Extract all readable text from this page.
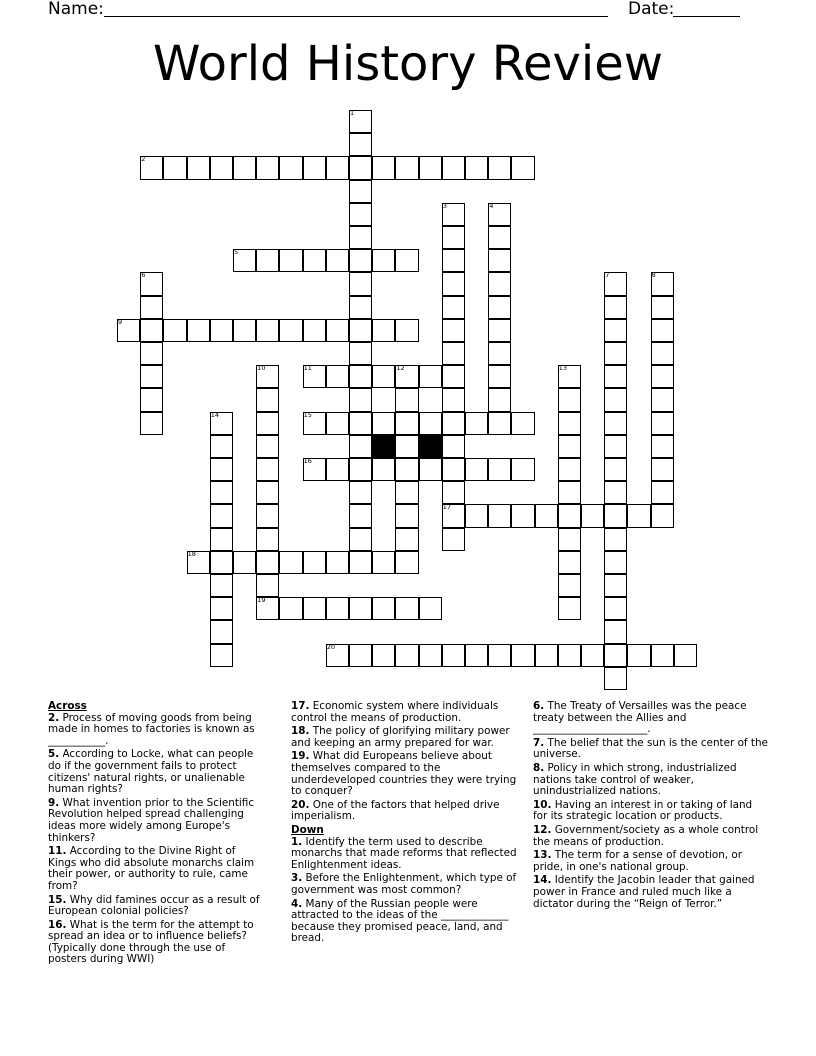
Name:	Date:
World History Review
1
2
3	4
5
6	7	8
9
10	11	12	13
14	15
16
17
18
19
20

Across

2. Process of moving goods from being made in homes to factories is known as ___________.

5. According to Locke, what can people do if the government fails to protect citizens' natural rights, or unalienable human rights?

9. What invention prior to the Scientific Revolution helped spread challenging ideas more widely among Europe's thinkers?

11. According to the Divine Right of Kings who did absolute monarchs claim their power, or authority to rule, came from?

15. Why did famines occur as a result of European colonial policies?

16. What is the term for the attempt to spread an idea or to influence beliefs? (Typically done through the use of posters during WWI)

17. Economic system where individuals control the means of production.

18. The policy of glorifying military power and keeping an army prepared for war.

19. What did Europeans believe about themselves compared to the underdeveloped countries they were trying to conquer?

20. One of the factors that helped drive imperialism.

Down

1. Identify the term used to describe monarchs that made reforms that reflected Enlightenment ideas.

3. Before the Enlightenment, which type of government was most common?

4. Many of the Russian people were attracted to the ideas of the _____________ because they promised peace, land, and bread.

6. The Treaty of Versailles was the peace treaty between the Allies and ______________________.

7. The belief that the sun is the center of the universe.

8. Policy in which strong, industrialized nations take control of weaker, unindustrialized nations.

10. Having an interest in or taking of land for its strategic location or products.

12. Government/society as a whole control the means of production.

13. The term for a sense of devotion, or pride, in one's national group.

14. Identify the Jacobin leader that gained power in France and ruled much like a dictator during the “Reign of Terror.”
